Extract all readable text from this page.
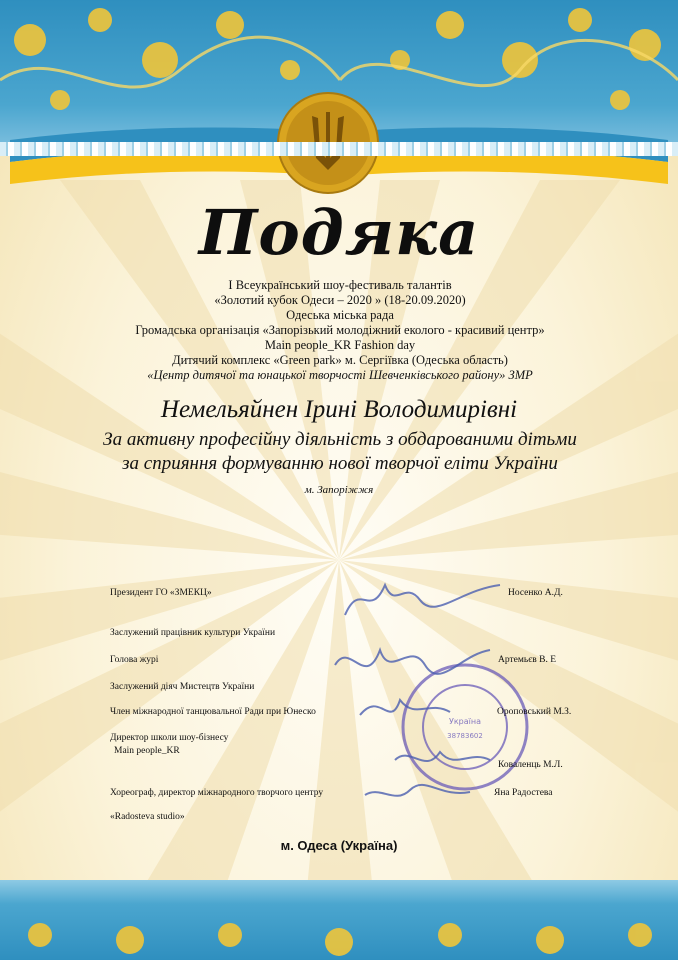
Подяка
I Всеукраїнський шоу-фестиваль талантів
«Золотий кубок Одеси – 2020 » (18-20.09.2020)
Одеська міська рада
Громадська організація «Запорізький молодіжний еколого - красивий центр»
Main people_KR Fashion day
Дитячий комплекс «Green park» м. Сергіївка (Одеська область)
«Центр дитячої та юнацької творчості Шевченківського району» ЗМР
Немельяйнен Ірині Володимирівні
За активну професійну діяльність з обдарованими дітьми
за сприяння формуванню нової творчої еліти України
м. Запоріжжя
Україна
38783602
Президент ГО «ЗМЕКЦ»	Носенко А.Д.
Заслужений працівник культури України
Голова журі	Артемьєв В. Е
Заслужений діяч Мистецтв України
Член міжнародної танцювальної Ради при Юнеско	Ороповський М.З.
Директор школи шоу-бізнесу
Main people_KR
Коваленць М.Л.
Хореограф, директор міжнародного творчого центру	Яна Радостева
«Radosteva studio»
м. Одеса (Україна)
